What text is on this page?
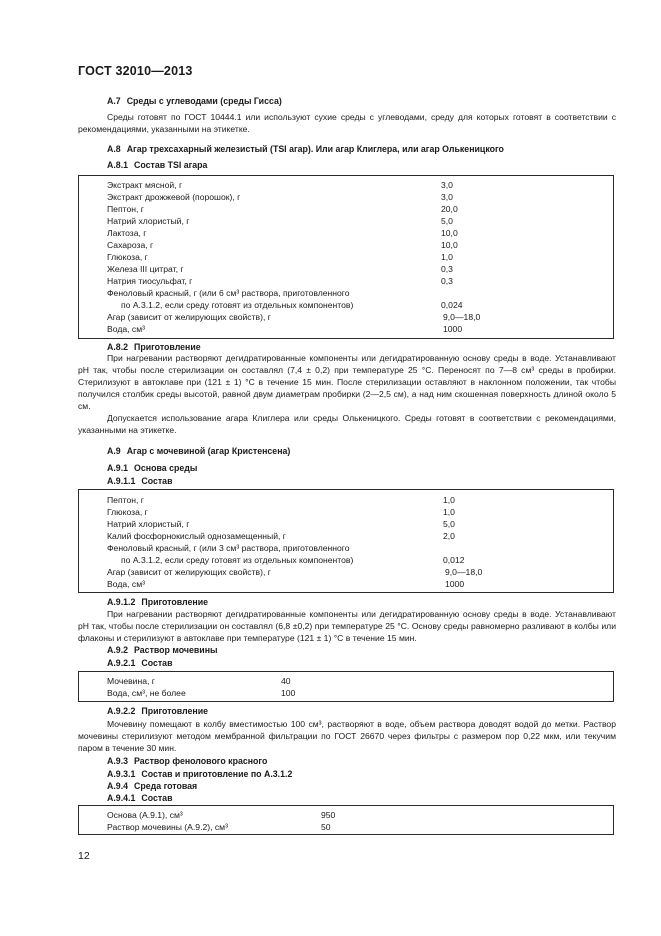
ГОСТ 32010—2013
А.7 Среды с углеводами (среды Гисса)

Среды готовят по ГОСТ 10444.1 или используют сухие среды с углеводами, среду для которых готовят в соответствии с рекомендациями, указанными на этикетке.

А.8 Агар трехсахарный железистый (TSI агар). Или агар Клиглера, или агар Олькеницкого
А.8.1 Состав TSI агара
Экстракт мясной, г	3,0
Экстракт дрожжевой (порошок), г	3,0
Пептон, г	20,0
Натрий хлористый, г	5,0
Лактоза, г	10,0
Сахароза, г	10,0
Глюкоза, г	1,0
Железа III цитрат, г	0,3
Натрия тиосульфат, г	0,3
Феноловый красный, г (или 6 см³ раствора, приготовленного
по А.3.1.2, если среду готовят из отдельных компонентов)	0,024
Агар (зависит от желирующих свойств), г	9,0—18,0
Вода, см³	1000
А.8.2 Приготовление

При нагревании растворяют дегидратированные компоненты или дегидратированную основу среды в воде. Устанавливают рН так, чтобы после стерилизации он составлял (7,4 ± 0,2) при температуре 25 °С. Переносят по 7—8 см³ среды в пробирки. Стерилизуют в автоклаве при (121 ± 1) °С в течение 15 мин. После стерилизации оставляют в наклонном положении, так чтобы получился столбик среды высотой, равной двум диаметрам пробирки (2—2,5 см), а над ним скошенная поверхность длиной около 5 см.

Допускается использование агара Клиглера или среды Олькеницкого. Среды готовят в соответствии с рекомендациями, указанными на этикетке.

А.9 Агар с мочевиной (агар Кристенсена)
А.9.1 Основа среды
А.9.1.1 Состав
Пептон, г	1,0
Глюкоза, г	1,0
Натрий хлористый, г	5,0
Калий фосфорнокислый однозамещенный, г	2,0
Феноловый красный, г (или 3 см³ раствора, приготовленного
по А.3.1.2, если среду готовят из отдельных компонентов)	0,012
Агар (зависит от желирующих свойств), г	9,0—18,0
Вода, см³	1000
А.9.1.2 Приготовление

При нагревании растворяют дегидратированные компоненты или дегидратированную основу среды в воде. Устанавливают рН так, чтобы после стерилизации он составлял (6,8 ±0,2) при температуре 25 °С. Основу среды равномерно разливают в колбы или флаконы и стерилизуют в автоклаве при температуре (121 ± 1) °С в течение 15 мин.

А.9.2 Раствор мочевины
А.9.2.1 Состав
Мочевина, г	40
Вода, см³, не более	100
А.9.2.2 Приготовление

Мочевину помещают в колбу вместимостью 100 см³, растворяют в воде, объем раствора доводят водой до метки. Раствор мочевины стерилизуют методом мембранной фильтрации по ГОСТ 26670 через фильтры с размером пор 0,22 мкм, или текучим паром в течение 30 мин.

А.9.3 Раствор фенолового красного
А.9.3.1 Состав и приготовление по А.3.1.2
А.9.4 Среда готовая
А.9.4.1 Состав
Основа (А.9.1), см³	950
Раствор мочевины (А.9.2), см³	50
12
